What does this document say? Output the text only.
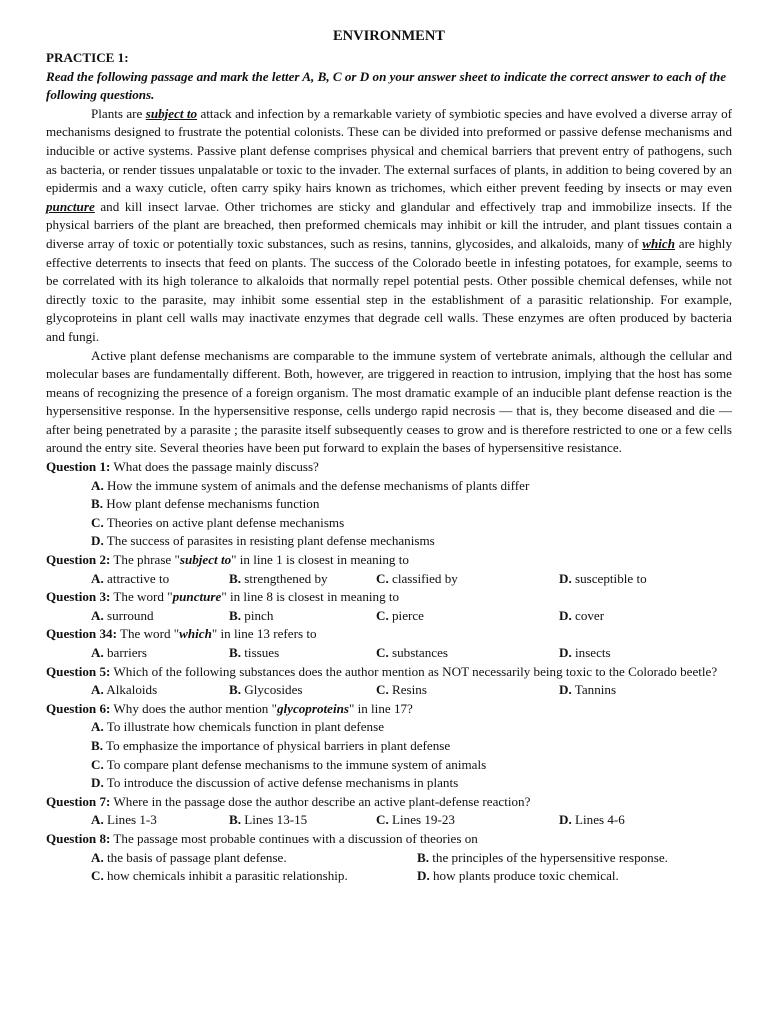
ENVIRONMENT
PRACTICE 1:
Read the following passage and mark the letter A, B, C or D on your answer sheet to indicate the correct answer to each of the following questions.

Plants are subject to attack and infection by a remarkable variety of symbiotic species and have evolved a diverse array of mechanisms designed to frustrate the potential colonists. These can be divided into preformed or passive defense mechanisms and inducible or active systems. Passive plant defense comprises physical and chemical barriers that prevent entry of pathogens, such as bacteria, or render tissues unpalatable or toxic to the invader. The external surfaces of plants, in addition to being covered by an epidermis and a waxy cuticle, often carry spiky hairs known as trichomes, which either prevent feeding by insects or may even puncture and kill insect larvae. Other trichomes are sticky and glandular and effectively trap and immobilize insects. If the physical barriers of the plant are breached, then preformed chemicals may inhibit or kill the intruder, and plant tissues contain a diverse array of toxic or potentially toxic substances, such as resins, tannins, glycosides, and alkaloids, many of which are highly effective deterrents to insects that feed on plants. The success of the Colorado beetle in infesting potatoes, for example, seems to be correlated with its high tolerance to alkaloids that normally repel potential pests. Other possible chemical defenses, while not directly toxic to the parasite, may inhibit some essential step in the establishment of a parasitic relationship. For example, glycoproteins in plant cell walls may inactivate enzymes that degrade cell walls. These enzymes are often produced by bacteria and fungi.

Active plant defense mechanisms are comparable to the immune system of vertebrate animals, although the cellular and molecular bases are fundamentally different. Both, however, are triggered in reaction to intrusion, implying that the host has some means of recognizing the presence of a foreign organism. The most dramatic example of an inducible plant defense reaction is the hypersensitive response. In the hypersensitive response, cells undergo rapid necrosis — that is, they become diseased and die — after being penetrated by a parasite ; the parasite itself subsequently ceases to grow and is therefore restricted to one or a few cells around the entry site. Several theories have been put forward to explain the bases of hypersensitive resistance.

Question 1: What does the passage mainly discuss?

A. How the immune system of animals and the defense mechanisms of plants differ
B. How plant defense mechanisms function
C. Theories on active plant defense mechanisms
D. The success of parasites in resisting plant defense mechanisms

Question 2: The phrase "subject to" in line 1 is closest in meaning to

A. attractive to	B. strengthened by	C. classified by	D. susceptible to

Question 3: The word "puncture" in line 8 is closest in meaning to

A. surround	B. pinch	C. pierce	D. cover

Question 34: The word "which" in line 13 refers to

A. barriers	B. tissues	C. substances	D. insects

Question 5: Which of the following substances does the author mention as NOT necessarily being toxic to the Colorado beetle?

A. Alkaloids	B. Glycosides	C. Resins	D. Tannins

Question 6: Why does the author mention "glycoproteins" in line 17?

A. To illustrate how chemicals function in plant defense
B. To emphasize the importance of physical barriers in plant defense
C. To compare plant defense mechanisms to the immune system of animals
D. To introduce the discussion of active defense mechanisms in plants

Question 7: Where in the passage dose the author describe an active plant-defense reaction?

A. Lines 1-3	B. Lines 13-15	C. Lines 19-23	D. Lines 4-6

Question 8: The passage most probable continues with a discussion of theories on

A. the basis of passage plant defense.	B. the principles of the hypersensitive response.
C. how chemicals inhibit a parasitic relationship.	D. how plants produce toxic chemical.
